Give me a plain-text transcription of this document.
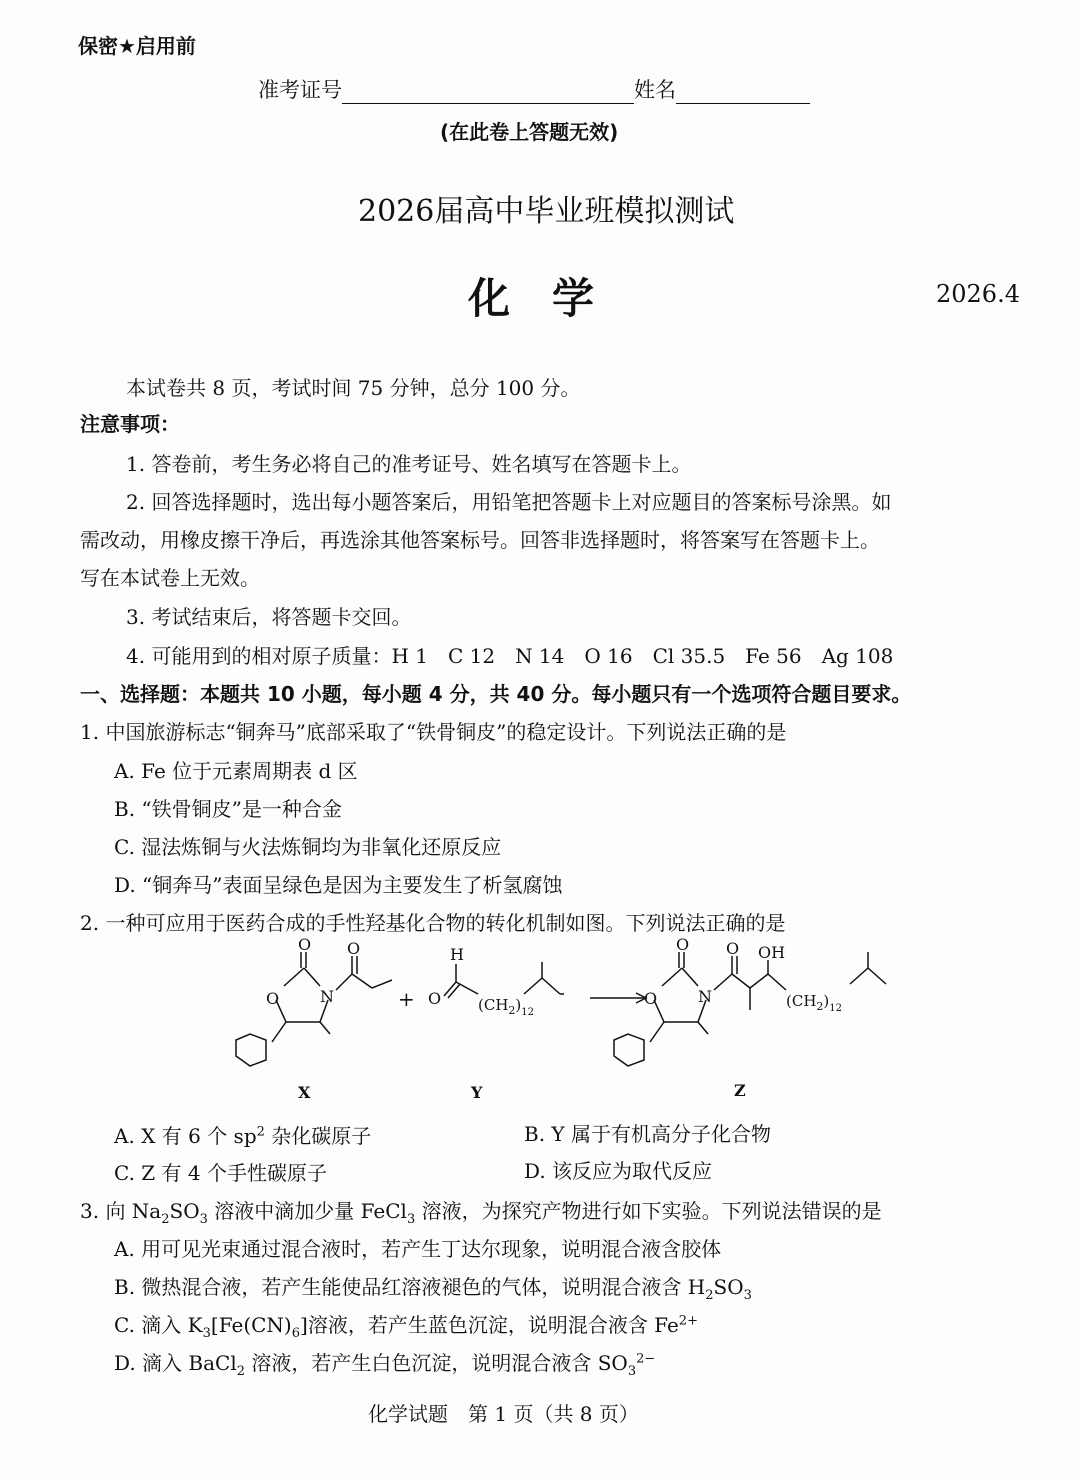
保密★启用前
准考证号	姓名
(在此卷上答题无效)
2026届高中毕业班模拟测试
化　学	2026.4
本试卷共 8 页，考试时间 75 分钟，总分 100 分。
注意事项：
1. 答卷前，考生务必将自己的准考证号、姓名填写在答题卡上。
2. 回答选择题时，选出每小题答案后，用铅笔把答题卡上对应题目的答案标号涂黑。如
需改动，用橡皮擦干净后，再选涂其他答案标号。回答非选择题时，将答案写在答题卡上。
写在本试卷上无效。
3. 考试结束后，将答题卡交回。
4. 可能用到的相对原子质量：H 1　C 12　N 14　O 16　Cl 35.5　Fe 56　Ag 108
一、选择题：本题共 10 小题，每小题 4 分，共 40 分。每小题只有一个选项符合题目要求。
1. 中国旅游标志“铜奔马”底部采取了“铁骨铜皮”的稳定设计。下列说法正确的是
A. Fe 位于元素周期表 d 区
B. “铁骨铜皮”是一种合金
C. 湿法炼铜与火法炼铜均为非氧化还原反应
D. “铜奔马”表面呈绿色是因为主要发生了析氢腐蚀
2. 一种可应用于医药合成的手性羟基化合物的转化机制如图。下列说法正确的是
O
O	N
O
+
H
O $(CH_2)_{12}$
O
O	N
O OH
$(CH_2)_{12}$
X	Y	Z
A. X 有 6 个 $sp^2$ 杂化碳原子	B. Y 属于有机高分子化合物
C. Z 有 4 个手性碳原子	D. 该反应为取代反应
3. 向 $Na_2SO_3$ 溶液中滴加少量 FeCl$_3$ 溶液，为探究产物进行如下实验。下列说法错误的是
A. 用可见光束通过混合液时，若产生丁达尔现象，说明混合液含胶体
B. 微热混合液，若产生能使品红溶液褪色的气体，说明混合液含 $H_2SO_3$
C. 滴入 $K_3[Fe(CN)_6]$溶液，若产生蓝色沉淀，说明混合液含 $Fe^{2+}$
D. 滴入 BaCl$_2$ 溶液，若产生白色沉淀，说明混合液含 $SO_3^{2-}$
化学试题　第 1 页（共 8 页）
